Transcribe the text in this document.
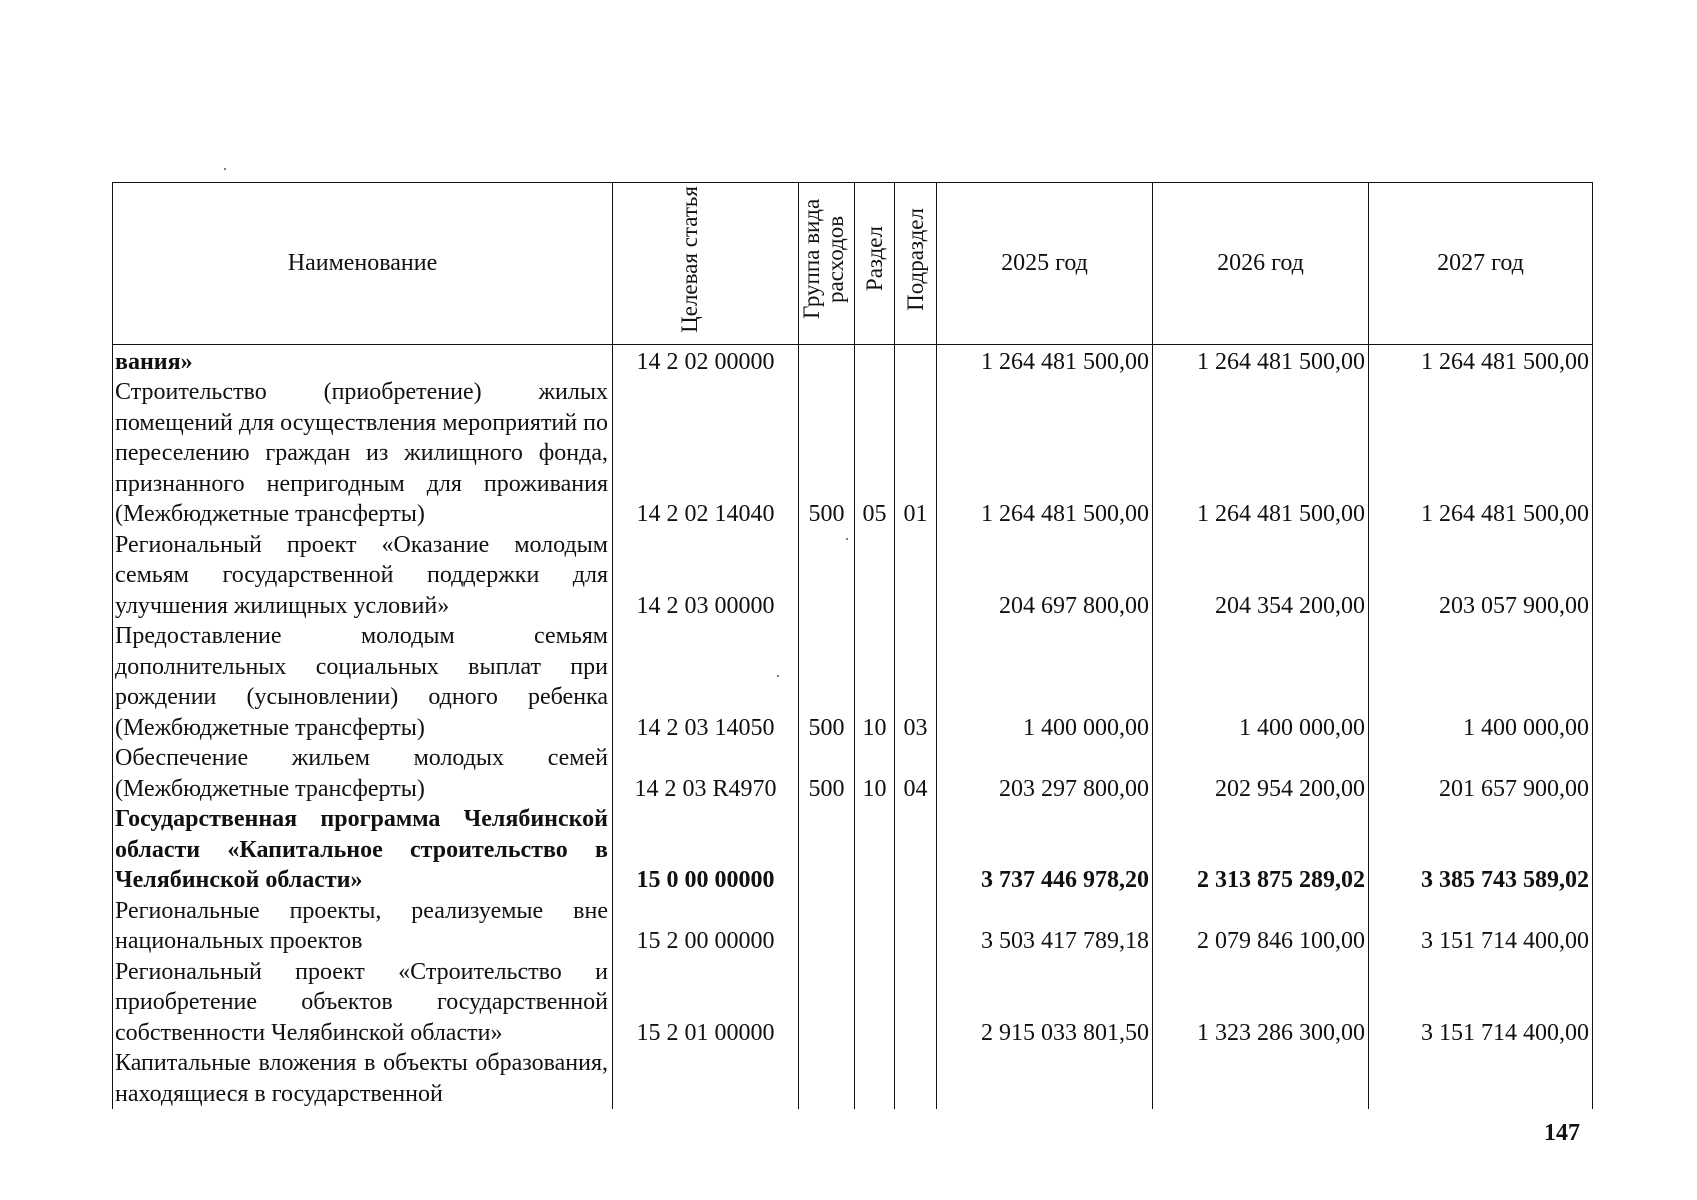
Наименование	Целевая статья	Группа вида расходов	Раздел	Подраздел	2025 год	2026 год	2027 год
вания»	14 2 02 00000				1 264 481 500,00	1 264 481 500,00	1 264 481 500,00
Строительство (приобретение) жилых помещений для осуществления мероприятий по переселению граждан из жилищного фонда, признанного непригодным для проживания (Межбюджетные трансферты)	14 2 02 14040	500	05	01	1 264 481 500,00	1 264 481 500,00	1 264 481 500,00
Региональный проект «Оказание молодым семьям государственной поддержки для улучшения жилищных условий»	14 2 03 00000				204 697 800,00	204 354 200,00	203 057 900,00
Предоставление молодым семьям дополнительных социальных выплат при рождении (усыновлении) одного ребенка (Межбюджетные трансферты)	14 2 03 14050	500	10	03	1 400 000,00	1 400 000,00	1 400 000,00
Обеспечение жильем молодых семей (Межбюджетные трансферты)	14 2 03 R4970	500	10	04	203 297 800,00	202 954 200,00	201 657 900,00
Государственная программа Челябинской области «Капитальное строительство в Челябинской области»	15 0 00 00000				3 737 446 978,20	2 313 875 289,02	3 385 743 589,02
Региональные проекты, реализуемые вне национальных проектов	15 2 00 00000				3 503 417 789,18	2 079 846 100,00	3 151 714 400,00
Региональный проект «Строительство и приобретение объектов государственной собственности Челябинской области»	15 2 01 00000				2 915 033 801,50	1 323 286 300,00	3 151 714 400,00
Капитальные вложения в объекты образования, находящиеся в государственной							
147
